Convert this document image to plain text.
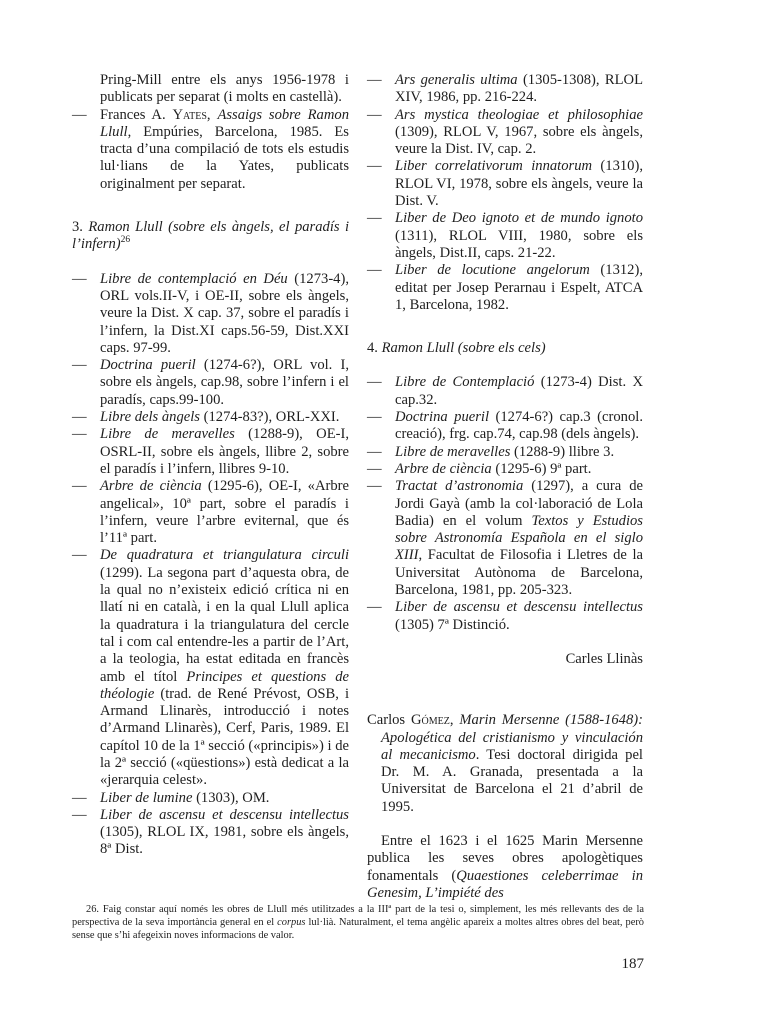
Pring-Mill entre els anys 1956-1978 i publicats per separat (i molts en castellà).

— Frances A. Yates, Assaigs sobre Ramon Llull, Empúries, Barcelona, 1985. Es tracta d’una compilació de tots els estudis lul·lians de la Yates, publicats originalment per separat.

3. Ramon Llull (sobre els àngels, el paradís i l’infern)$^{26}$

— Libre de contemplació en Déu (1273-4), ORL vols.II-V, i OE-II, sobre els àngels, veure la Dist. X cap. 37, sobre el paradís i l’infern, la Dist.XI caps.56-59, Dist.XXI caps. 97-99.

— Doctrina pueril (1274-6?), ORL vol. I, sobre els àngels, cap.98, sobre l’infern i el paradís, caps.99-100.

— Libre dels àngels (1274-83?), ORL-XXI.

— Libre de meravelles (1288-9), OE-I, OSRL-II, sobre els àngels, llibre 2, sobre el paradís i l’infern, llibres 9-10.

— Arbre de ciència (1295-6), OE-I, «Arbre angelical», 10ª part, sobre el paradís i l’infern, veure l’arbre eviternal, que és l’11ª part.

— De quadratura et triangulatura circuli (1299). La segona part d’aquesta obra, de la qual no n’existeix edició crítica ni en llatí ni en català, i en la qual Llull aplica la quadratura i la triangulatura del cercle tal i com cal entendre-les a partir de l’Art, a la teologia, ha estat editada en francès amb el títol Principes et questions de théologie (trad. de René Prévost, OSB, i Armand Llinarès, introducció i notes d’Armand Llinarès), Cerf, Paris, 1989. El capítol 10 de la 1ª secció («principis») i de la 2ª secció («qüestions») està dedicat a la «jerarquia celest».

— Liber de lumine (1303), OM.

— Liber de ascensu et descensu intellectus (1305), RLOL IX, 1981, sobre els àngels, 8ª Dist.

— Ars generalis ultima (1305-1308), RLOL XIV, 1986, pp. 216-224.

— Ars mystica theologiae et philosophiae (1309), RLOL V, 1967, sobre els àngels, veure la Dist. IV, cap. 2.

— Liber correlativorum innatorum (1310), RLOL VI, 1978, sobre els àngels, veure la Dist. V.

— Liber de Deo ignoto et de mundo ignoto (1311), RLOL VIII, 1980, sobre els àngels, Dist.II, caps. 21-22.

— Liber de locutione angelorum (1312), editat per Josep Perarnau i Espelt, ATCA 1, Barcelona, 1982.

4. Ramon Llull (sobre els cels)

— Libre de Contemplació (1273-4) Dist. X cap.32.

— Doctrina pueril (1274-6?) cap.3 (cronol. creació), frg. cap.74, cap.98 (dels àngels).

— Libre de meravelles (1288-9) llibre 3.

— Arbre de ciència (1295-6) 9ª part.

— Tractat d’astronomia (1297), a cura de Jordi Gayà (amb la col·laboració de Lola Badia) en el volum Textos y Estudios sobre Astronomía Española en el siglo XIII, Facultat de Filosofia i Lletres de la Universitat Autònoma de Barcelona, Barcelona, 1981, pp. 205-323.

— Liber de ascensu et descensu intellectus (1305) 7ª Distinció.

Carles Llinàs

Carlos Gómez, Marin Mersenne (1588-1648): Apologética del cristianismo y vinculación al mecanicismo. Tesi doctoral dirigida pel Dr. M. A. Granada, presentada a la Universitat de Barcelona el 21 d’abril de 1995.

Entre el 1623 i el 1625 Marin Mersenne publica les seves obres apologètiques fonamentals (Quaestiones celeberrimae in Genesim, L’impiété des

26. Faig constar aquí només les obres de Llull més utilitzades a la IIIª part de la tesi o, simplement, les més rellevants des de la perspectiva de la seva importància general en el corpus lul·lià. Naturalment, el tema angèlic apareix a moltes altres obres del beat, però sense que s’hi afegeixin noves informacions de valor.

187
